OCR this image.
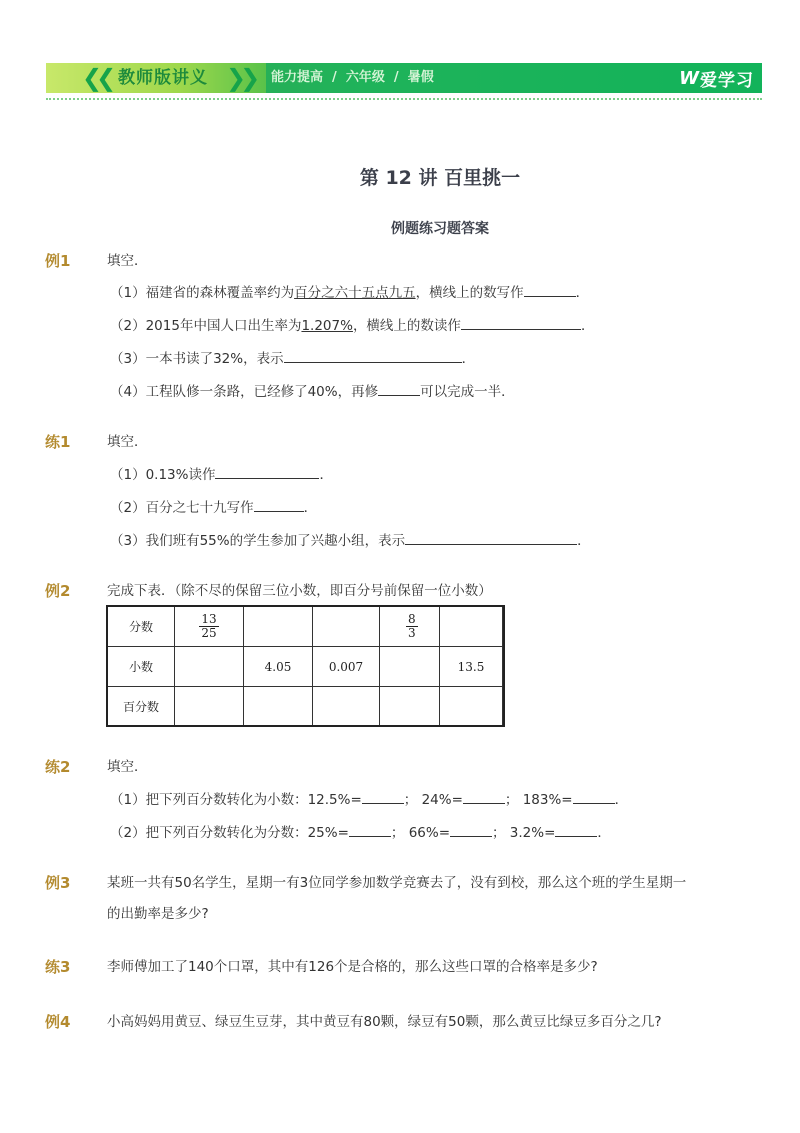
❮❮ 教师版讲义 ❯❯ 能力提高  /  六年级  /  暑假	W 爱学习
第 12 讲 百里挑一
例题练习题答案
例1	填空．
（1）福建省的森林覆盖率约为百分之六十五点九五，横线上的数写作	．
（2）2015年中国人口出生率为1.207%，横线上的数读作	．
（3）一本书读了32%，表示	．
（4）工程队修一条路，已经修了40%，再修	可以完成一半．
练1	填空．
（1）0.13%读作	．
（2）百分之七十九写作	．
（3）我们班有55%的学生参加了兴趣小组，表示	．
例2	完成下表．（除不尽的保留三位小数，即百分号前保留一位小数）
分数	$\frac{13}{25}$			$\frac{8}{3}$

小数		4.05	0.007		13.5
百分数					
练2	填空．
（1）把下列百分数转化为小数：12.5%=	； 24%=	； 183%=	．
（2）把下列百分数转化为分数：25%=	； 66%=	； 3.2%=	．
例3	某班一共有50名学生，星期一有3位同学参加数学竞赛去了，没有到校，那么这个班的学生星期一
的出勤率是多少?
练3	李师傅加工了140个口罩，其中有126个是合格的，那么这些口罩的合格率是多少?
例4	小高妈妈用黄豆、绿豆生豆芽，其中黄豆有80颗，绿豆有50颗，那么黄豆比绿豆多百分之几?
